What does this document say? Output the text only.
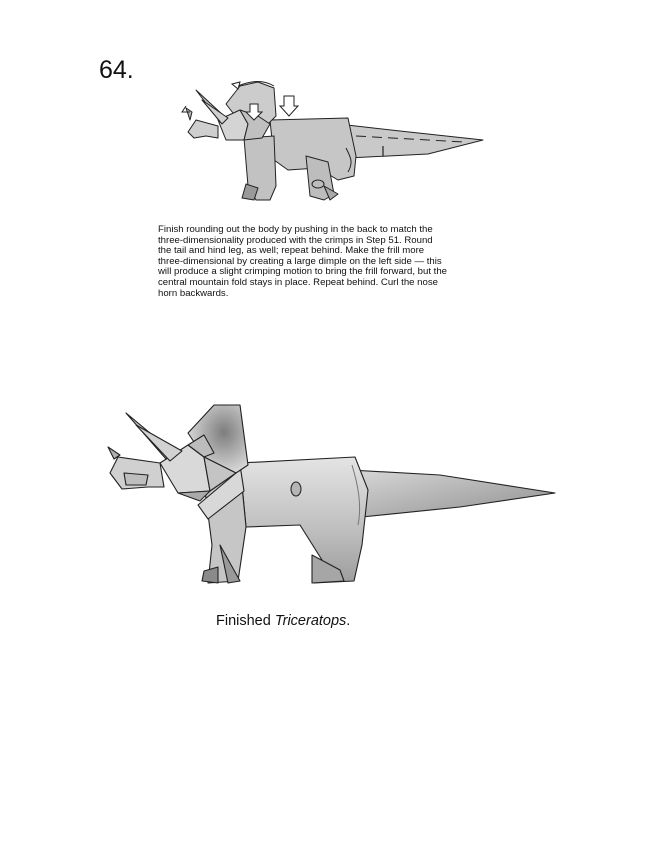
64.
Finish rounding out the body by pushing in the back to match the
three-dimensionality produced with the crimps in Step 51. Round
the tail and hind leg, as well; repeat behind. Make the frill more
three-dimensional by creating a large dimple on the left side — this
will produce a slight crimping motion to bring the frill forward, but the
central mountain fold stays in place. Repeat behind. Curl the nose
horn backwards.
Finished Triceratops.
